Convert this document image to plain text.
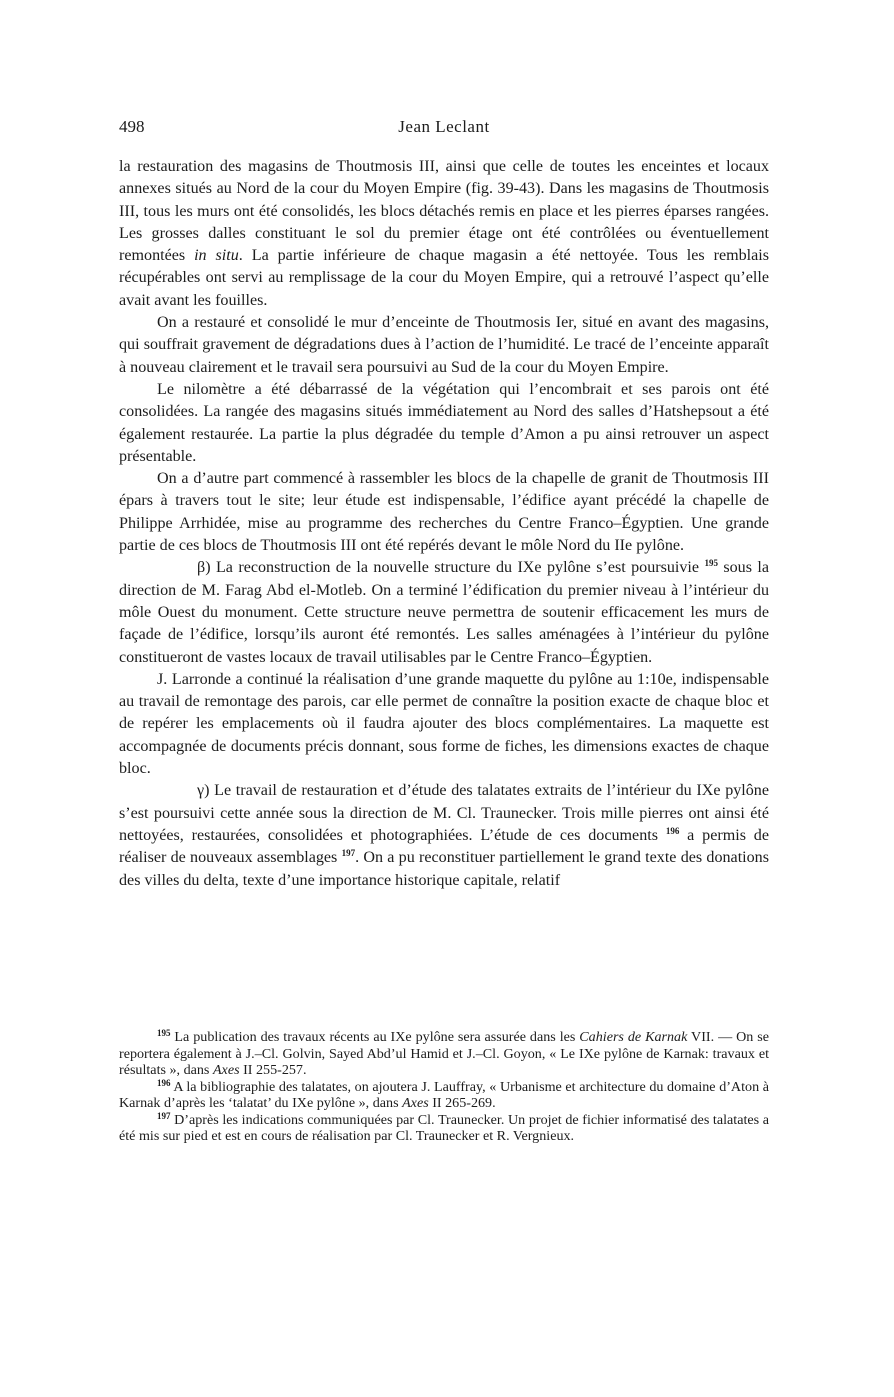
498	Jean Leclant

la restauration des magasins de Thoutmosis III, ainsi que celle de toutes les enceintes et locaux annexes situés au Nord de la cour du Moyen Empire (fig. 39-43). Dans les magasins de Thoutmosis III, tous les murs ont été consolidés, les blocs détachés remis en place et les pierres éparses rangées. Les grosses dalles constituant le sol du premier étage ont été contrôlées ou éventuellement remontées in situ. La partie inférieure de chaque magasin a été nettoyée. Tous les remblais récupérables ont servi au remplissage de la cour du Moyen Empire, qui a retrouvé l’aspect qu’elle avait avant les fouilles.

On a restauré et consolidé le mur d’enceinte de Thoutmosis Ier, situé en avant des magasins, qui souffrait gravement de dégradations dues à l’action de l’humidité. Le tracé de l’enceinte apparaît à nouveau clairement et le travail sera poursuivi au Sud de la cour du Moyen Empire.

Le nilomètre a été débarrassé de la végétation qui l’encombrait et ses parois ont été consolidées. La rangée des magasins situés immédiatement au Nord des salles d’Hatshepsout a été également restaurée. La partie la plus dégradée du temple d’Amon a pu ainsi retrouver un aspect présentable.

On a d’autre part commencé à rassembler les blocs de la chapelle de granit de Thoutmosis III épars à travers tout le site; leur étude est indispensable, l’édifice ayant précédé la chapelle de Philippe Arrhidée, mise au programme des recherches du Centre Franco–Égyptien. Une grande partie de ces blocs de Thoutmosis III ont été repérés devant le môle Nord du IIe pylône.

β) La reconstruction de la nouvelle structure du IXe pylône s’est poursuivie $^{195}$ sous la direction de M. Farag Abd el-Motleb. On a terminé l’édification du premier niveau à l’intérieur du môle Ouest du monument. Cette structure neuve permettra de soutenir efficacement les murs de façade de l’édifice, lorsqu’ils auront été remontés. Les salles aménagées à l’intérieur du pylône constitueront de vastes locaux de travail utilisables par le Centre Franco–Égyptien.

J. Larronde a continué la réalisation d’une grande maquette du pylône au 1:10e, indispensable au travail de remontage des parois, car elle permet de connaître la position exacte de chaque bloc et de repérer les emplacements où il faudra ajouter des blocs complémentaires. La maquette est accompagnée de documents précis donnant, sous forme de fiches, les dimensions exactes de chaque bloc.

γ) Le travail de restauration et d’étude des talatates extraits de l’intérieur du IXe pylône s’est poursuivi cette année sous la direction de M. Cl. Traunecker. Trois mille pierres ont ainsi été nettoyées, restaurées, consolidées et photographiées. L’étude de ces documents $^{196}$ a permis de réaliser de nouveaux assemblages $^{197}$. On a pu reconstituer partiellement le grand texte des donations des villes du delta, texte d’une importance historique capitale, relatif

$^{195}$ La publication des travaux récents au IXe pylône sera assurée dans les Cahiers de Karnak VII. — On se reportera également à J.–Cl. Golvin, Sayed Abd’ul Hamid et J.–Cl. Goyon, « Le IXe pylône de Karnak: travaux et résultats », dans Axes II 255-257.

$^{196}$ A la bibliographie des talatates, on ajoutera J. Lauffray, « Urbanisme et architecture du domaine d’Aton à Karnak d’après les ‘talatat’ du IXe pylône », dans Axes II 265-269.

$^{197}$ D’après les indications communiquées par Cl. Traunecker. Un projet de fichier informatisé des talatates a été mis sur pied et est en cours de réalisation par Cl. Traunecker et R. Vergnieux.
